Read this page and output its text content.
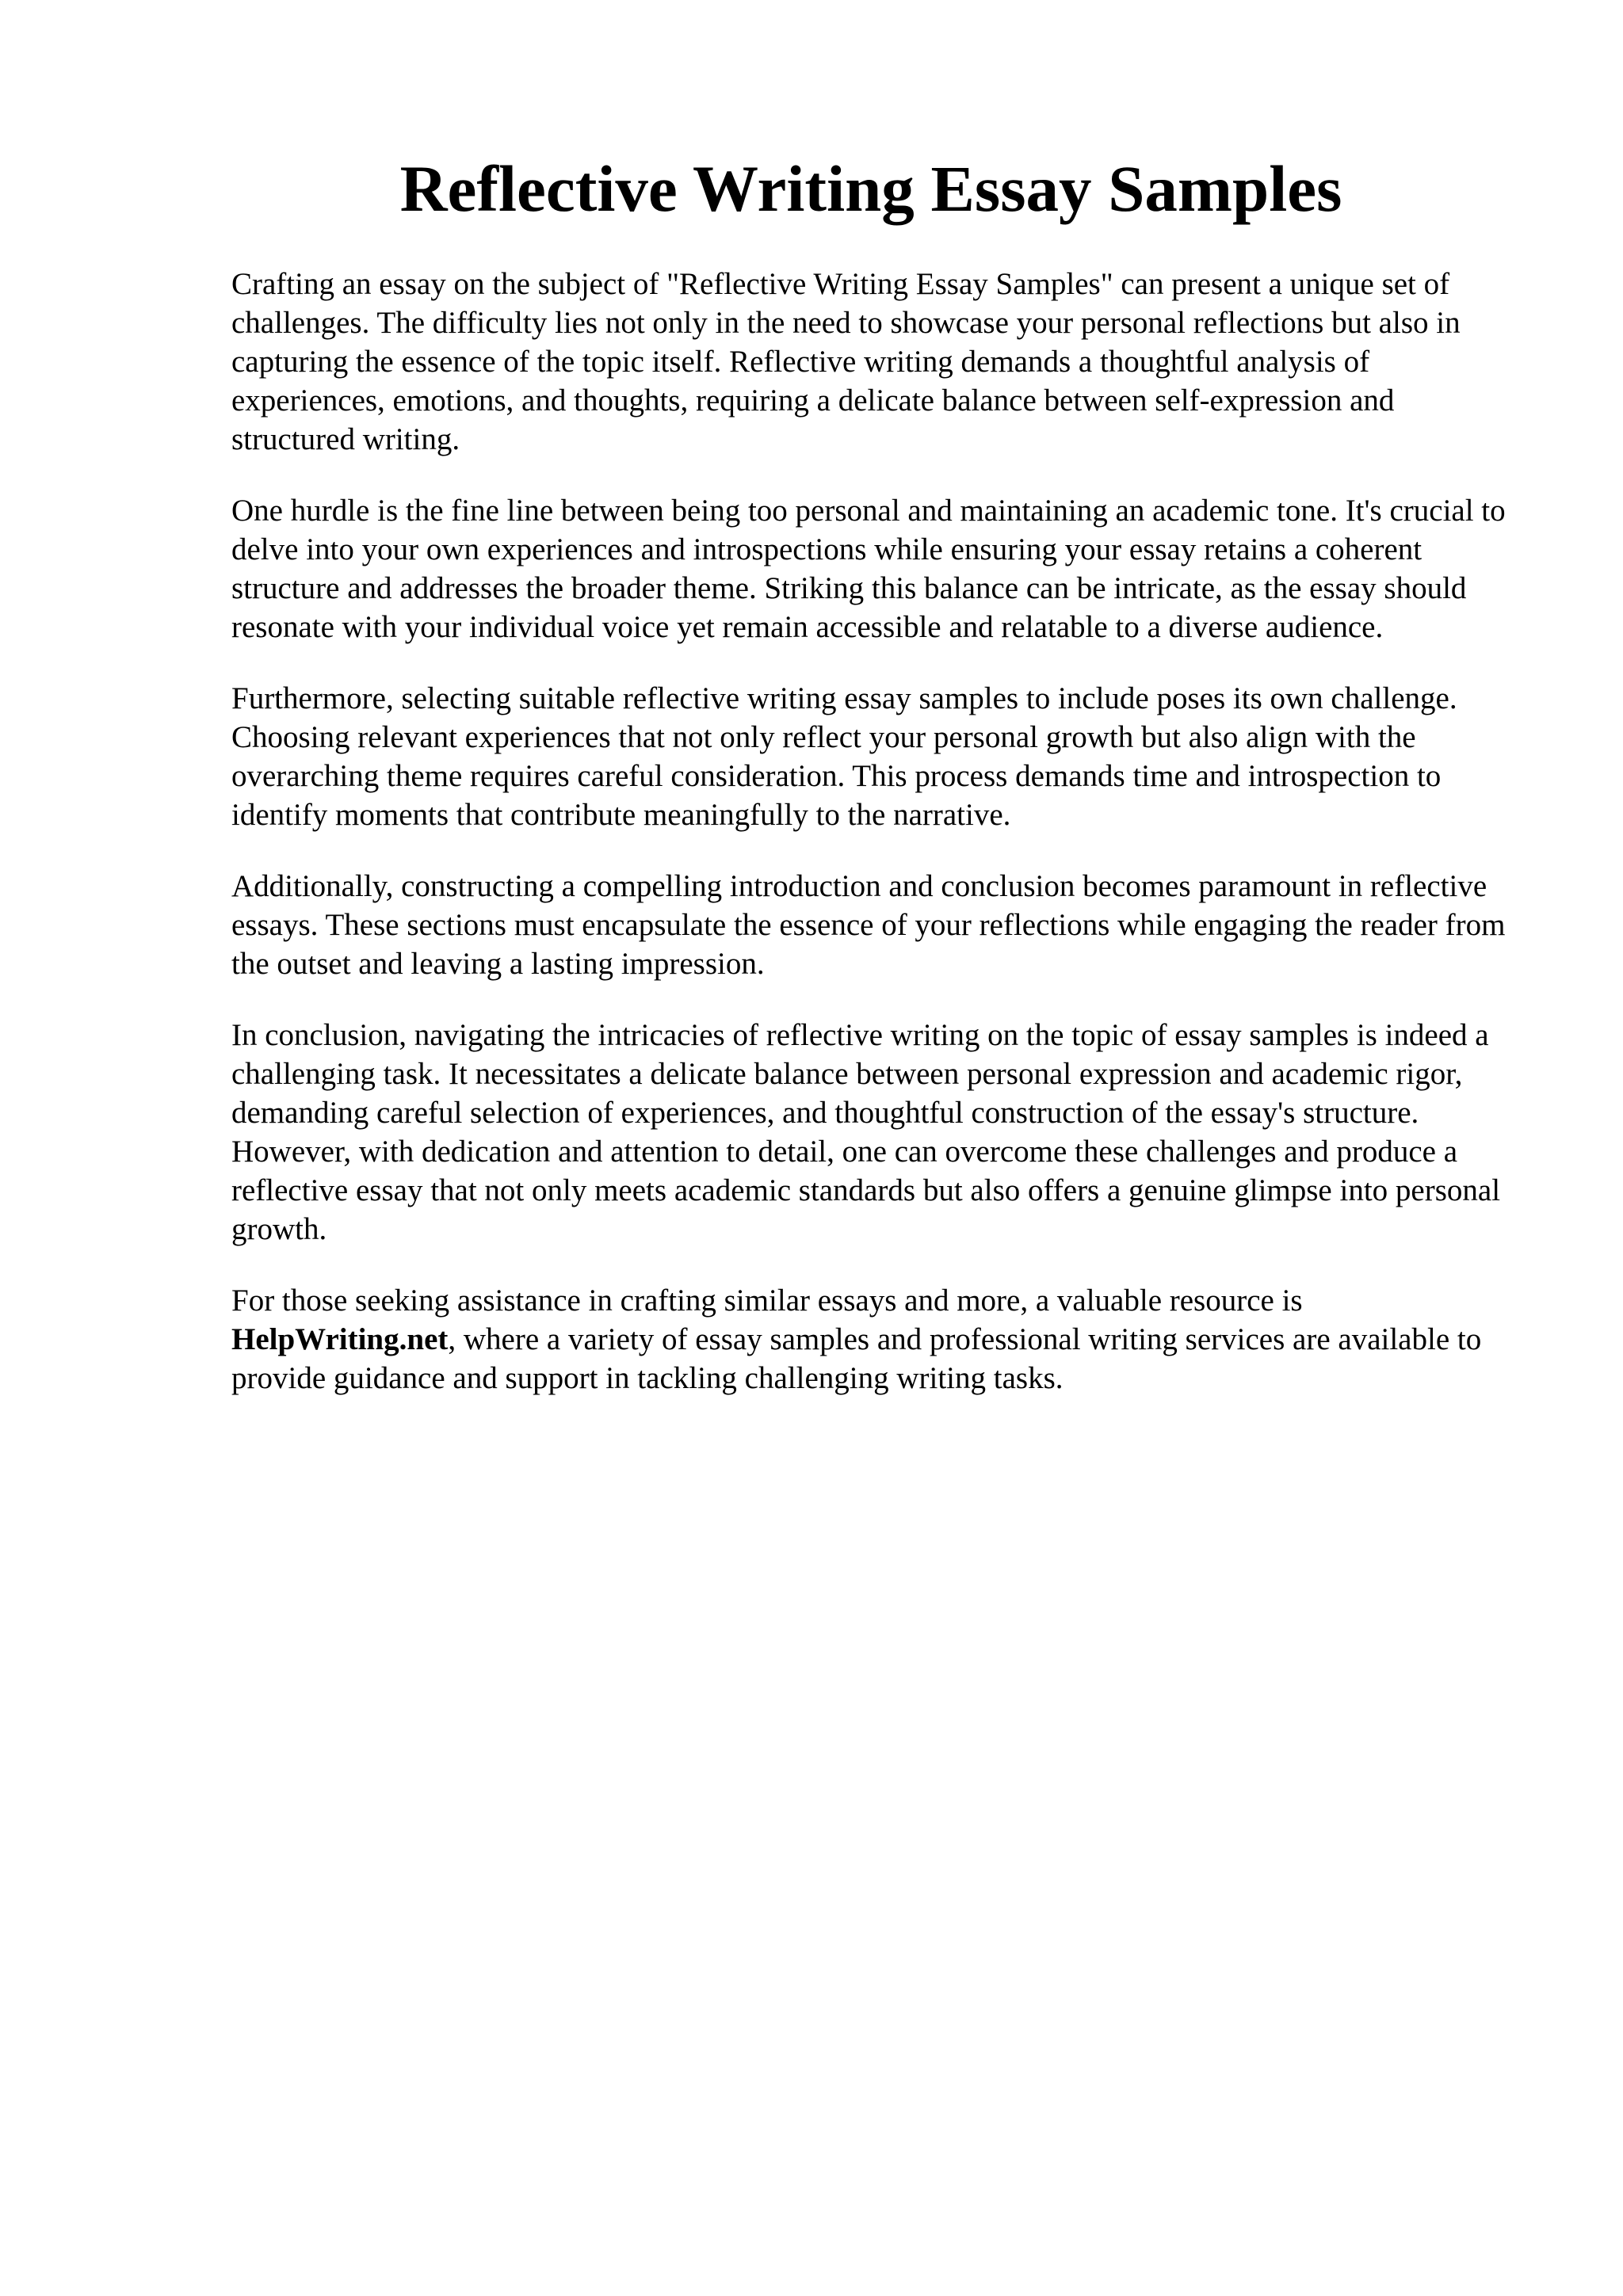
Reflective Writing Essay Samples

Crafting an essay on the subject of "Reflective Writing Essay Samples" can present a unique set of challenges. The difficulty lies not only in the need to showcase your personal reflections but also in capturing the essence of the topic itself. Reflective writing demands a thoughtful analysis of experiences, emotions, and thoughts, requiring a delicate balance between self-expression and structured writing.

One hurdle is the fine line between being too personal and maintaining an academic tone. It's crucial to delve into your own experiences and introspections while ensuring your essay retains a coherent structure and addresses the broader theme. Striking this balance can be intricate, as the essay should resonate with your individual voice yet remain accessible and relatable to a diverse audience.

Furthermore, selecting suitable reflective writing essay samples to include poses its own challenge. Choosing relevant experiences that not only reflect your personal growth but also align with the overarching theme requires careful consideration. This process demands time and introspection to identify moments that contribute meaningfully to the narrative.

Additionally, constructing a compelling introduction and conclusion becomes paramount in reflective essays. These sections must encapsulate the essence of your reflections while engaging the reader from the outset and leaving a lasting impression.

In conclusion, navigating the intricacies of reflective writing on the topic of essay samples is indeed a challenging task. It necessitates a delicate balance between personal expression and academic rigor, demanding careful selection of experiences, and thoughtful construction of the essay's structure. However, with dedication and attention to detail, one can overcome these challenges and produce a reflective essay that not only meets academic standards but also offers a genuine glimpse into personal growth.

For those seeking assistance in crafting similar essays and more, a valuable resource is HelpWriting.net, where a variety of essay samples and professional writing services are available to provide guidance and support in tackling challenging writing tasks.
